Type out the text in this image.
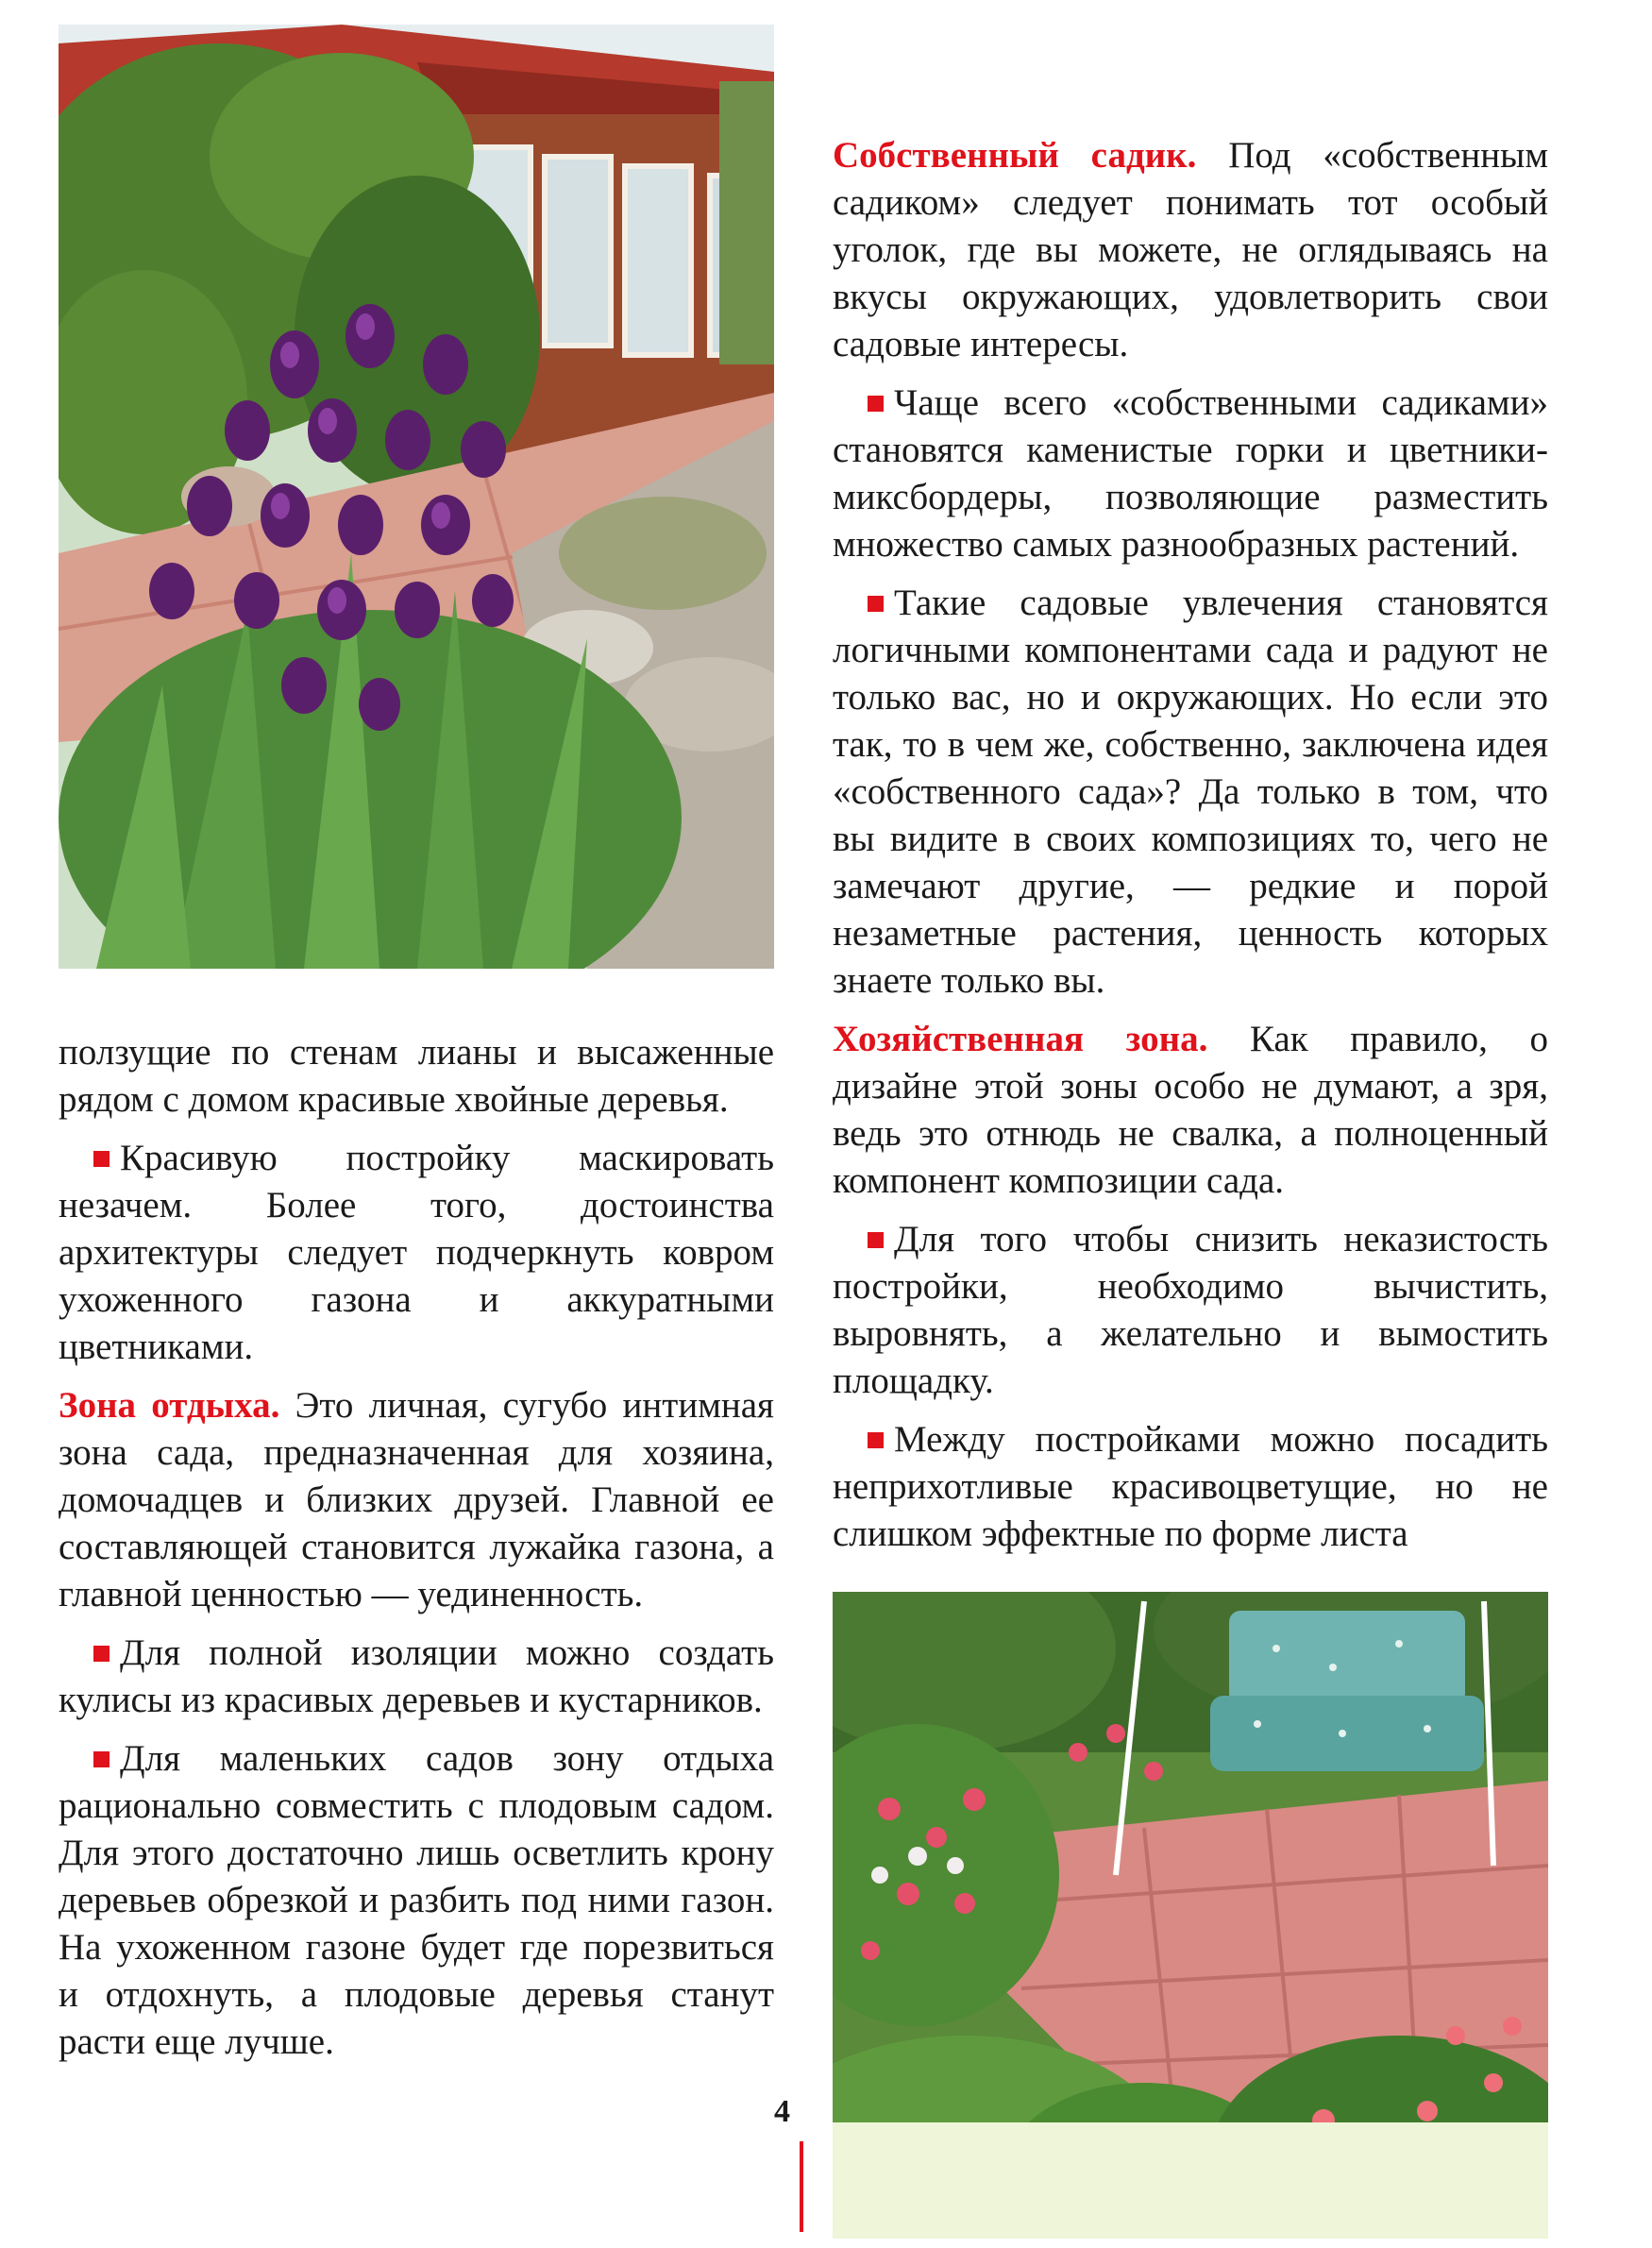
ползущие по стенам лианы и высаженные рядом с домом красивые хвойные деревья.

Красивую постройку маскировать незачем. Более того, достоинства архитектуры следует подчеркнуть ковром ухоженного газона и аккуратными цветниками.

Зона отдыха. Это личная, сугубо интимная зона сада, предназначенная для хозяина, домочадцев и близких друзей. Главной ее составляющей становится лужайка газона, а главной ценностью — уединенность.

Для полной изоляции можно создать кулисы из красивых деревьев и кустарников.

Для маленьких садов зону отдыха рационально совместить с плодовым садом. Для этого достаточно лишь осветлить крону деревьев обрезкой и разбить под ними газон. На ухоженном газоне будет где порезвиться и отдохнуть, а плодовые деревья станут расти еще лучше.

Собственный садик. Под «собственным садиком» следует понимать тот особый уголок, где вы можете, не оглядываясь на вкусы окружающих, удовлетворить свои садовые интересы.

Чаще всего «собственными садиками» становятся каменистые горки и цветники-миксбордеры, позволяющие разместить множество самых разнообразных растений.

Такие садовые увлечения становятся логичными компонентами сада и радуют не только вас, но и окружающих. Но если это так, то в чем же, собственно, заключена идея «собственного сада»? Да только в том, что вы видите в своих композициях то, чего не замечают другие, — редкие и порой незаметные растения, ценность которых знаете только вы.

Хозяйственная зона. Как правило, о дизайне этой зоны особо не думают, а зря, ведь это отнюдь не свалка, а полноценный компонент композиции сада.

Для того чтобы снизить неказистость постройки, необходимо вычистить, выровнять, а желательно и вымостить площадку.

Между постройками можно посадить неприхотливые красивоцветущие, но не слишком эффектные по форме листа

4
